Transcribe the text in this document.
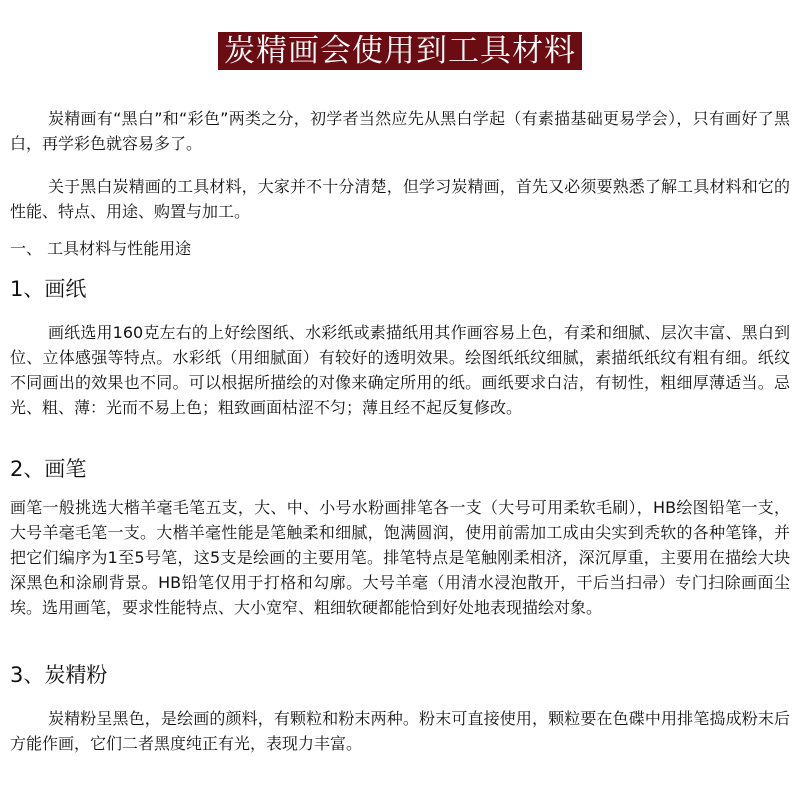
炭精画会使用到工具材料

炭精画有“黑白”和“彩色”两类之分，初学者当然应先从黑白学起（有素描基础更易学会），只有画好了黑白，再学彩色就容易多了。

关于黑白炭精画的工具材料，大家并不十分清楚，但学习炭精画，首先又必须要熟悉了解工具材料和它的性能、特点、用途、购置与加工。

一、 工具材料与性能用途

1、画纸

画纸选用160克左右的上好绘图纸、水彩纸或素描纸用其作画容易上色，有柔和细腻、层次丰富、黑白到位、立体感强等特点。水彩纸（用细腻面）有较好的透明效果。绘图纸纸纹细腻，素描纸纸纹有粗有细。纸纹不同画出的效果也不同。可以根据所描绘的对像来确定所用的纸。画纸要求白洁，有韧性，粗细厚薄适当。忌光、粗、薄：光而不易上色；粗致画面枯涩不匀；薄且经不起反复修改。

2、画笔

画笔一般挑选大楷羊毫毛笔五支，大、中、小号水粉画排笔各一支（大号可用柔软毛刷），HB绘图铅笔一支，大号羊毫毛笔一支。大楷羊毫性能是笔触柔和细腻，饱满圆润，使用前需加工成由尖实到秃软的各种笔锋，并把它们编序为1至5号笔，这5支是绘画的主要用笔。排笔特点是笔触刚柔相济，深沉厚重，主要用在描绘大块深黑色和涂刷背景。HB铅笔仅用于打格和勾廓。大号羊毫（用清水浸泡散开，干后当扫帚）专门扫除画面尘埃。选用画笔，要求性能特点、大小宽窄、粗细软硬都能恰到好处地表现描绘对象。

3、炭精粉

炭精粉呈黑色，是绘画的颜料，有颗粒和粉末两种。粉末可直接使用，颗粒要在色碟中用排笔捣成粉末后方能作画，它们二者黑度纯正有光，表现力丰富。
